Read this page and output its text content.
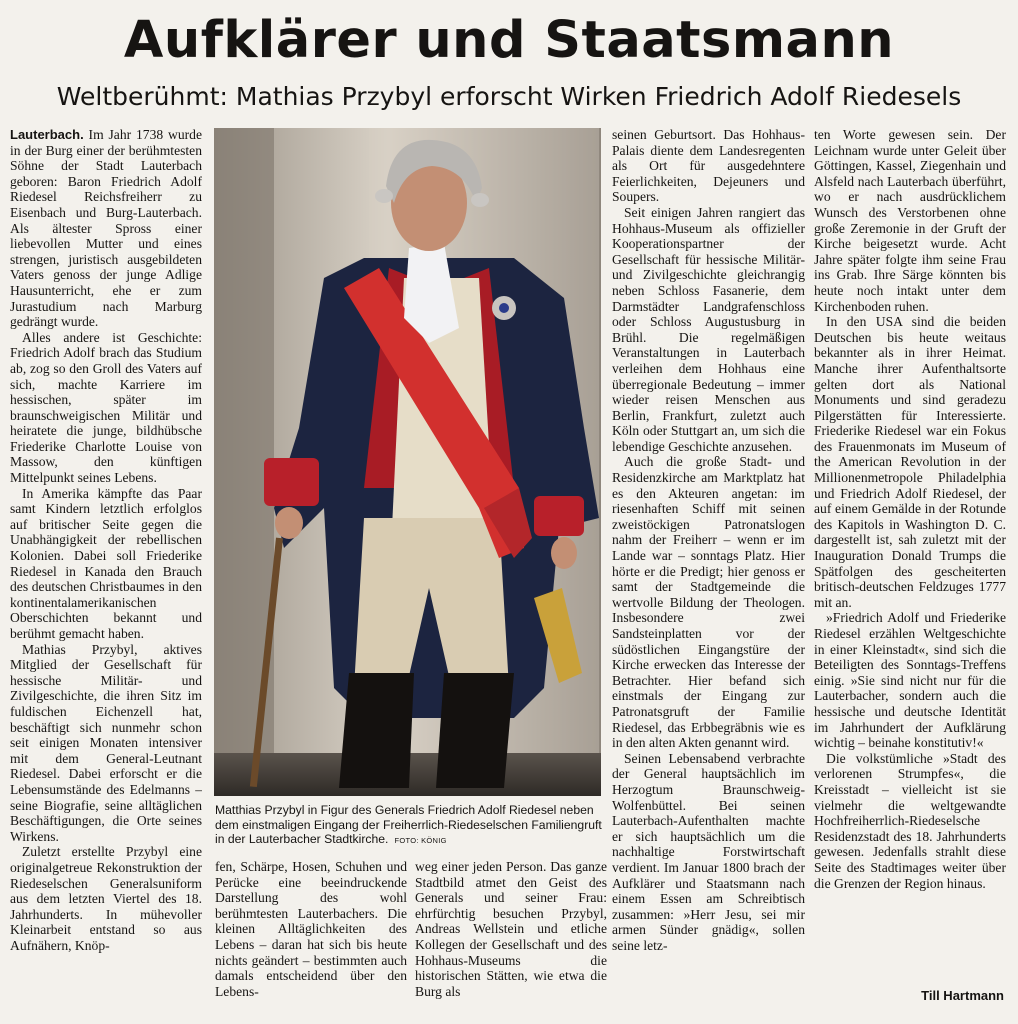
Aufklärer und Staatsmann
Weltberühmt: Mathias Przybyl erforscht Wirken Friedrich Adolf Riedesels

Lauterbach. Im Jahr 1738 wurde in der Burg einer der berühmtesten Söhne der Stadt Lauterbach geboren: Baron Friedrich Adolf Riedesel Reichsfreiherr zu Eisenbach und Burg-Lauterbach. Als ältester Spross einer liebevollen Mutter und eines strengen, juristisch ausgebildeten Vaters genoss der junge Adlige Hausunterricht, ehe er zum Jurastudium nach Marburg gedrängt wurde.

Alles andere ist Geschichte: Friedrich Adolf brach das Studium ab, zog so den Groll des Vaters auf sich, machte Karriere im hessischen, später im braunschweigischen Militär und heiratete die junge, bildhübsche Friederike Charlotte Louise von Massow, den künftigen Mittelpunkt seines Lebens.

In Amerika kämpfte das Paar samt Kindern letztlich erfolglos auf britischer Seite gegen die Unabhängigkeit der rebellischen Kolonien. Dabei soll Friederike Riedesel in Kanada den Brauch des deutschen Christbaumes in den kontinentalamerikanischen Oberschichten bekannt und berühmt gemacht haben.

Mathias Przybyl, aktives Mitglied der Gesellschaft für hessische Militär- und Zivilgeschichte, die ihren Sitz im fuldischen Eichenzell hat, beschäftigt sich nunmehr schon seit einigen Monaten intensiver mit dem General-Leutnant Riedesel. Dabei erforscht er die Lebensumstände des Edelmanns – seine Biografie, seine alltäglichen Beschäftigungen, die Orte seines Wirkens.

Zuletzt erstellte Przybyl eine originalgetreue Rekonstruktion der Riedeselschen Generalsuniform aus dem letzten Viertel des 18. Jahrhunderts. In mühevoller Kleinarbeit entstand so aus Aufnähern, Knöp-

Matthias Przybyl in Figur des Generals Friedrich Adolf Riedesel neben dem einstmaligen Eingang der Freiherrlich-Riedeselschen Familiengruft in der Lauterbacher Stadtkirche. FOTO: KÖNIG

fen, Schärpe, Hosen, Schuhen und Perücke eine beeindruckende Darstellung des wohl berühmtesten Lauterbachers. Die kleinen Alltäglichkeiten des Lebens – daran hat sich bis heute nichts geändert – bestimmten auch damals entscheidend über den Lebens-

weg einer jeden Person. Das ganze Stadtbild atmet den Geist des Generals und seiner Frau: ehrfürchtig besuchen Przybyl, Andreas Wellstein und etliche Kollegen der Gesellschaft und des Hohhaus-Museums die historischen Stätten, wie etwa die Burg als

seinen Geburtsort. Das Hohhaus-Palais diente dem Landesregenten als Ort für ausgedehntere Feierlichkeiten, Dejeuners und Soupers.

Seit einigen Jahren rangiert das Hohhaus-Museum als offizieller Kooperationspartner der Gesellschaft für hessische Militär- und Zivilgeschichte gleichrangig neben Schloss Fasanerie, dem Darmstädter Landgrafenschloss oder Schloss Augustusburg in Brühl. Die regelmäßigen Veranstaltungen in Lauterbach verleihen dem Hohhaus eine überregionale Bedeutung – immer wieder reisen Menschen aus Berlin, Frankfurt, zuletzt auch Köln oder Stuttgart an, um sich die lebendige Geschichte anzusehen.

Auch die große Stadt- und Residenzkirche am Marktplatz hat es den Akteuren angetan: im riesenhaften Schiff mit seinen zweistöckigen Patronatslogen nahm der Freiherr – wenn er im Lande war – sonntags Platz. Hier hörte er die Predigt; hier genoss er samt der Stadtgemeinde die wertvolle Bildung der Theologen. Insbesondere zwei Sandsteinplatten vor der südöstlichen Eingangstüre der Kirche erwecken das Interesse der Betrachter. Hier befand sich einstmals der Eingang zur Patronatsgruft der Familie Riedesel, das Erbbegräbnis wie es in den alten Akten genannt wird.

Seinen Lebensabend verbrachte der General hauptsächlich im Herzogtum Braunschweig-Wolfenbüttel. Bei seinen Lauterbach-Aufenthalten machte er sich hauptsächlich um die nachhaltige Forstwirtschaft verdient. Im Januar 1800 brach der Aufklärer und Staatsmann nach einem Essen am Schreibtisch zusammen: »Herr Jesu, sei mir armen Sünder gnädig«, sollen seine letz-

ten Worte gewesen sein. Der Leichnam wurde unter Geleit über Göttingen, Kassel, Ziegenhain und Alsfeld nach Lauterbach überführt, wo er nach ausdrücklichem Wunsch des Verstorbenen ohne große Zeremonie in der Gruft der Kirche beigesetzt wurde. Acht Jahre später folgte ihm seine Frau ins Grab. Ihre Särge könnten bis heute noch intakt unter dem Kirchenboden ruhen.

In den USA sind die beiden Deutschen bis heute weitaus bekannter als in ihrer Heimat. Manche ihrer Aufenthaltsorte gelten dort als National Monuments und sind geradezu Pilgerstätten für Interessierte. Friederike Riedesel war ein Fokus des Frauenmonats im Museum of the American Revolution in der Millionenmetropole Philadelphia und Friedrich Adolf Riedesel, der auf einem Gemälde in der Rotunde des Kapitols in Washington D. C. dargestellt ist, sah zuletzt mit der Inauguration Donald Trumps die Spätfolgen des gescheiterten britisch-deutschen Feldzuges 1777 mit an.

»Friedrich Adolf und Friederike Riedesel erzählen Weltgeschichte in einer Kleinstadt«, sind sich die Beteiligten des Sonntags-Treffens einig. »Sie sind nicht nur für die Lauterbacher, sondern auch die hessische und deutsche Identität im Jahrhundert der Aufklärung wichtig – beinahe konstitutiv!«

Die volkstümliche »Stadt des verlorenen Strumpfes«, die Kreisstadt – vielleicht ist sie vielmehr die weltgewandte Hochfreiherrlich-Riedeselsche Residenzstadt des 18. Jahrhunderts gewesen. Jedenfalls strahlt diese Seite des Stadtimages weiter über die Grenzen der Region hinaus.

Till Hartmann
